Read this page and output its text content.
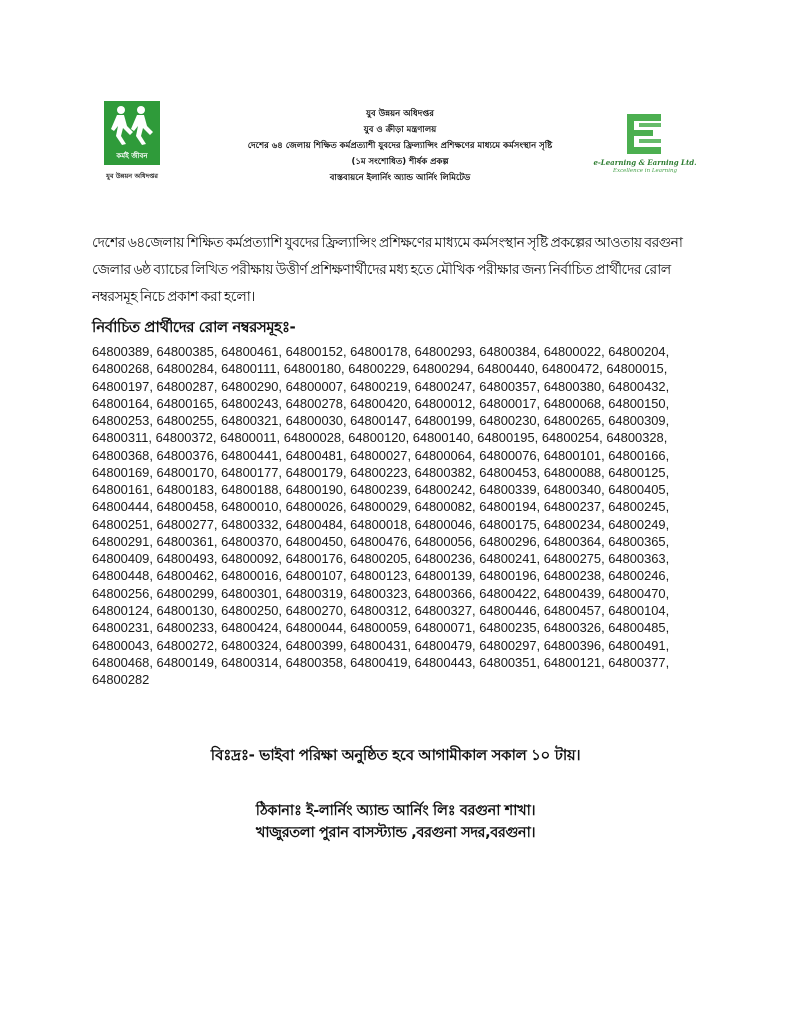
কর্মই জীবন
যুব উন্নয়ন অধিদপ্তর
যুব উন্নয়ন অধিদপ্তর
যুব ও ক্রীড়া মন্ত্রণালয়
দেশের ৬৪ জেলায় শিক্ষিত কর্মপ্রত্যাশী যুবদের ফ্রিল্যান্সিং প্রশিক্ষণের মাধ্যমে কর্মসংস্থান সৃষ্টি
(১ম সংশোধিত) শীর্ষক প্রকল্প
বাস্তবায়নে ইলার্নিং অ্যান্ড আর্নিং লিমিটেড
e-Learning & Earning Ltd.
Excellence in Learning
দেশের ৬৪জেলায় শিক্ষিত কর্মপ্রত্যাশি যুবদের ফ্রিল্যান্সিং প্রশিক্ষণের মাধ্যমে কর্মসংস্থান সৃষ্টি প্রকল্পের আওতায় বরগুনা জেলার ৬ষ্ঠ ব্যাচের লিখিত পরীক্ষায় উত্তীর্ণ প্রশিক্ষণার্থীদের মধ্য হতে মৌখিক পরীক্ষার জন্য নির্বাচিত প্রার্থীদের রোল নম্বরসমূহ নিচে প্রকাশ করা হলো।
নির্বাচিত প্রার্থীদের রোল নম্বরসমূহঃ-
64800389, 64800385, 64800461, 64800152, 64800178, 64800293, 64800384, 64800022, 64800204,
64800268, 64800284, 64800111, 64800180, 64800229, 64800294, 64800440, 64800472, 64800015,
64800197, 64800287, 64800290, 64800007, 64800219, 64800247, 64800357, 64800380, 64800432,
64800164, 64800165, 64800243, 64800278, 64800420, 64800012, 64800017, 64800068, 64800150,
64800253, 64800255, 64800321, 64800030, 64800147, 64800199, 64800230, 64800265, 64800309,
64800311, 64800372, 64800011, 64800028, 64800120, 64800140, 64800195, 64800254, 64800328,
64800368, 64800376, 64800441, 64800481, 64800027, 64800064, 64800076, 64800101, 64800166,
64800169, 64800170, 64800177, 64800179, 64800223, 64800382, 64800453, 64800088, 64800125,
64800161, 64800183, 64800188, 64800190, 64800239, 64800242, 64800339, 64800340, 64800405,
64800444, 64800458, 64800010, 64800026, 64800029, 64800082, 64800194, 64800237, 64800245,
64800251, 64800277, 64800332, 64800484, 64800018, 64800046, 64800175, 64800234, 64800249,
64800291, 64800361, 64800370, 64800450, 64800476, 64800056, 64800296, 64800364, 64800365,
64800409, 64800493, 64800092, 64800176, 64800205, 64800236, 64800241, 64800275, 64800363,
64800448, 64800462, 64800016, 64800107, 64800123, 64800139, 64800196, 64800238, 64800246,
64800256, 64800299, 64800301, 64800319, 64800323, 64800366, 64800422, 64800439, 64800470,
64800124, 64800130, 64800250, 64800270, 64800312, 64800327, 64800446, 64800457, 64800104,
64800231, 64800233, 64800424, 64800044, 64800059, 64800071, 64800235, 64800326, 64800485,
64800043, 64800272, 64800324, 64800399, 64800431, 64800479, 64800297, 64800396, 64800491,
64800468, 64800149, 64800314, 64800358, 64800419, 64800443, 64800351, 64800121, 64800377,
64800282
বিঃদ্রঃ- ভাইবা পরিক্ষা অনুষ্ঠিত হবে আগামীকাল সকাল ১০ টায়।
ঠিকানাঃ ই-লার্নিং অ্যান্ড আর্নিং লিঃ বরগুনা শাখা।
খাজুরতলা পুরান বাসস্ট্যান্ড ,বরগুনা সদর,বরগুনা।
